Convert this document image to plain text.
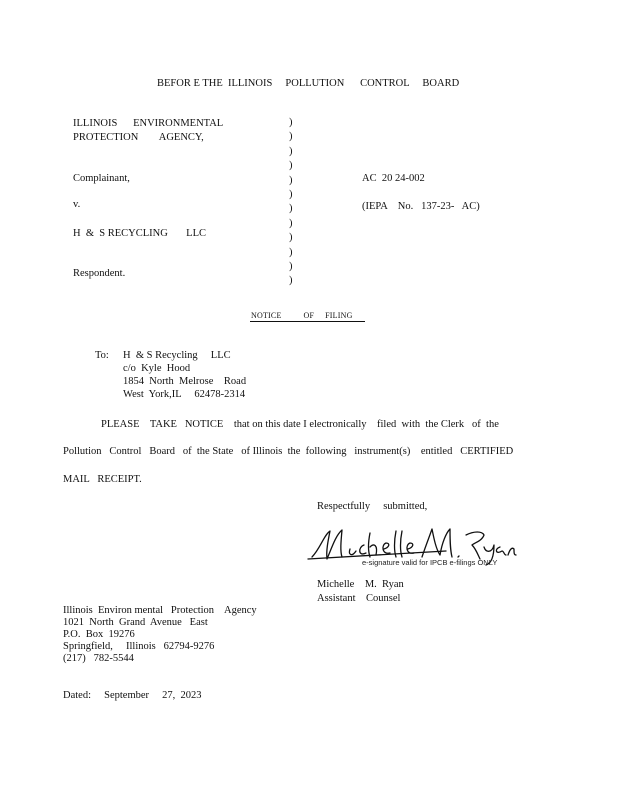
BEFOR E THE  ILLINOIS     POLLUTION      CONTROL     BOARD
ILLINOIS      ENVIRONMENTAL
PROTECTION        AGENCY,
Complainant,
v.
H  &  S RECYCLING       LLC
Respondent.
)
)
)
)
)
)
)
)
)
)
)
)
AC  20 24-002
(IEPA    No.   137-23-   AC)
NOTICE          OF     FILING
To: H  & S Recycling     LLC
c/o  Kyle  Hood
1854  North  Melrose    Road
West  York,IL     62478-2314
PLEASE    TAKE   NOTICE    that on this date I electronically    filed  with  the Clerk   of  the
Pollution   Control   Board   of  the State   of Illinois  the  following   instrument(s)    entitled   CERTIFIED
MAIL   RECEIPT.
Respectfully     submitted,
e-signature valid for IPCB e-filings ONLY
Michelle    M.  Ryan
Assistant    Counsel
Illinois  Environ mental   Protection    Agency
1021  North  Grand  Avenue   East
P.O.  Box  19276
Springfield,     Illinois   62794-9276
(217)   782-5544
Dated:     September     27,  2023
